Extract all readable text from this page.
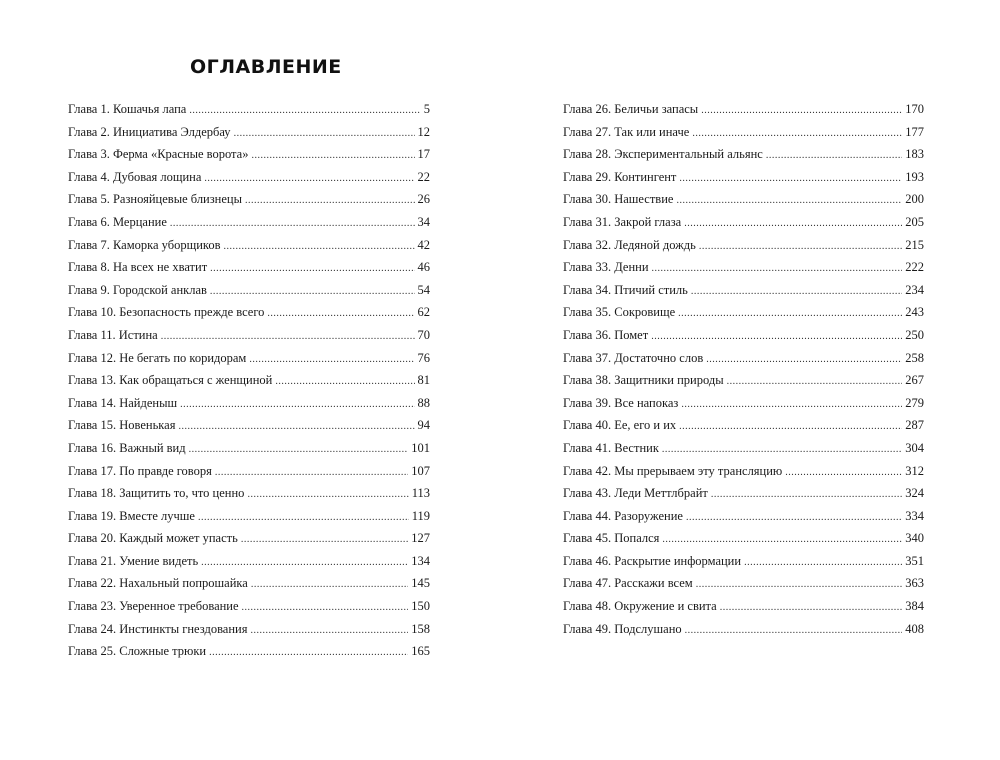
ОГЛАВЛЕНИЕ
Глава 1. Кошачья лапа .....	5
Глава 2. Инициатива Элдербау .....	12
Глава 3. Ферма «Красные ворота» .....	17
Глава 4. Дубовая лощина .....	22
Глава 5. Разнояйцевые близнецы .....	26
Глава 6. Мерцание .....	34
Глава 7. Каморка уборщиков .....	42
Глава 8. На всех не хватит .....	46
Глава 9. Городской анклав .....	54
Глава 10. Безопасность прежде всего .....	62
Глава 11. Истина .....	70
Глава 12. Не бегать по коридорам .....	76
Глава 13. Как обращаться с женщиной .....	81
Глава 14. Найденыш .....	88
Глава 15. Новенькая .....	94
Глава 16. Важный вид .....	101
Глава 17. По правде говоря .....	107
Глава 18. Защитить то, что ценно .....	113
Глава 19. Вместе лучше .....	119
Глава 20. Каждый может упасть .....	127
Глава 21. Умение видеть .....	134
Глава 22. Нахальный попрошайка .....	145
Глава 23. Уверенное требование .....	150
Глава 24. Инстинкты гнездования .....	158
Глава 25. Сложные трюки .....	165
Глава 26. Беличьи запасы .....	170
Глава 27. Так или иначе .....	177
Глава 28. Экспериментальный альянс .....	183
Глава 29. Контингент .....	193
Глава 30. Нашествие .....	200
Глава 31. Закрой глаза .....	205
Глава 32. Ледяной дождь .....	215
Глава 33. Денни .....	222
Глава 34. Птичий стиль .....	234
Глава 35. Сокровище .....	243
Глава 36. Помет .....	250
Глава 37. Достаточно слов .....	258
Глава 38. Защитники природы .....	267
Глава 39. Все напоказ .....	279
Глава 40. Ее, его и их .....	287
Глава 41. Вестник .....	304
Глава 42. Мы прерываем эту трансляцию .....	312
Глава 43. Леди Меттлбрайт .....	324
Глава 44. Разоружение .....	334
Глава 45. Попался .....	340
Глава 46. Раскрытие информации .....	351
Глава 47. Расскажи всем .....	363
Глава 48. Окружение и свита .....	384
Глава 49. Подслушано .....	408
